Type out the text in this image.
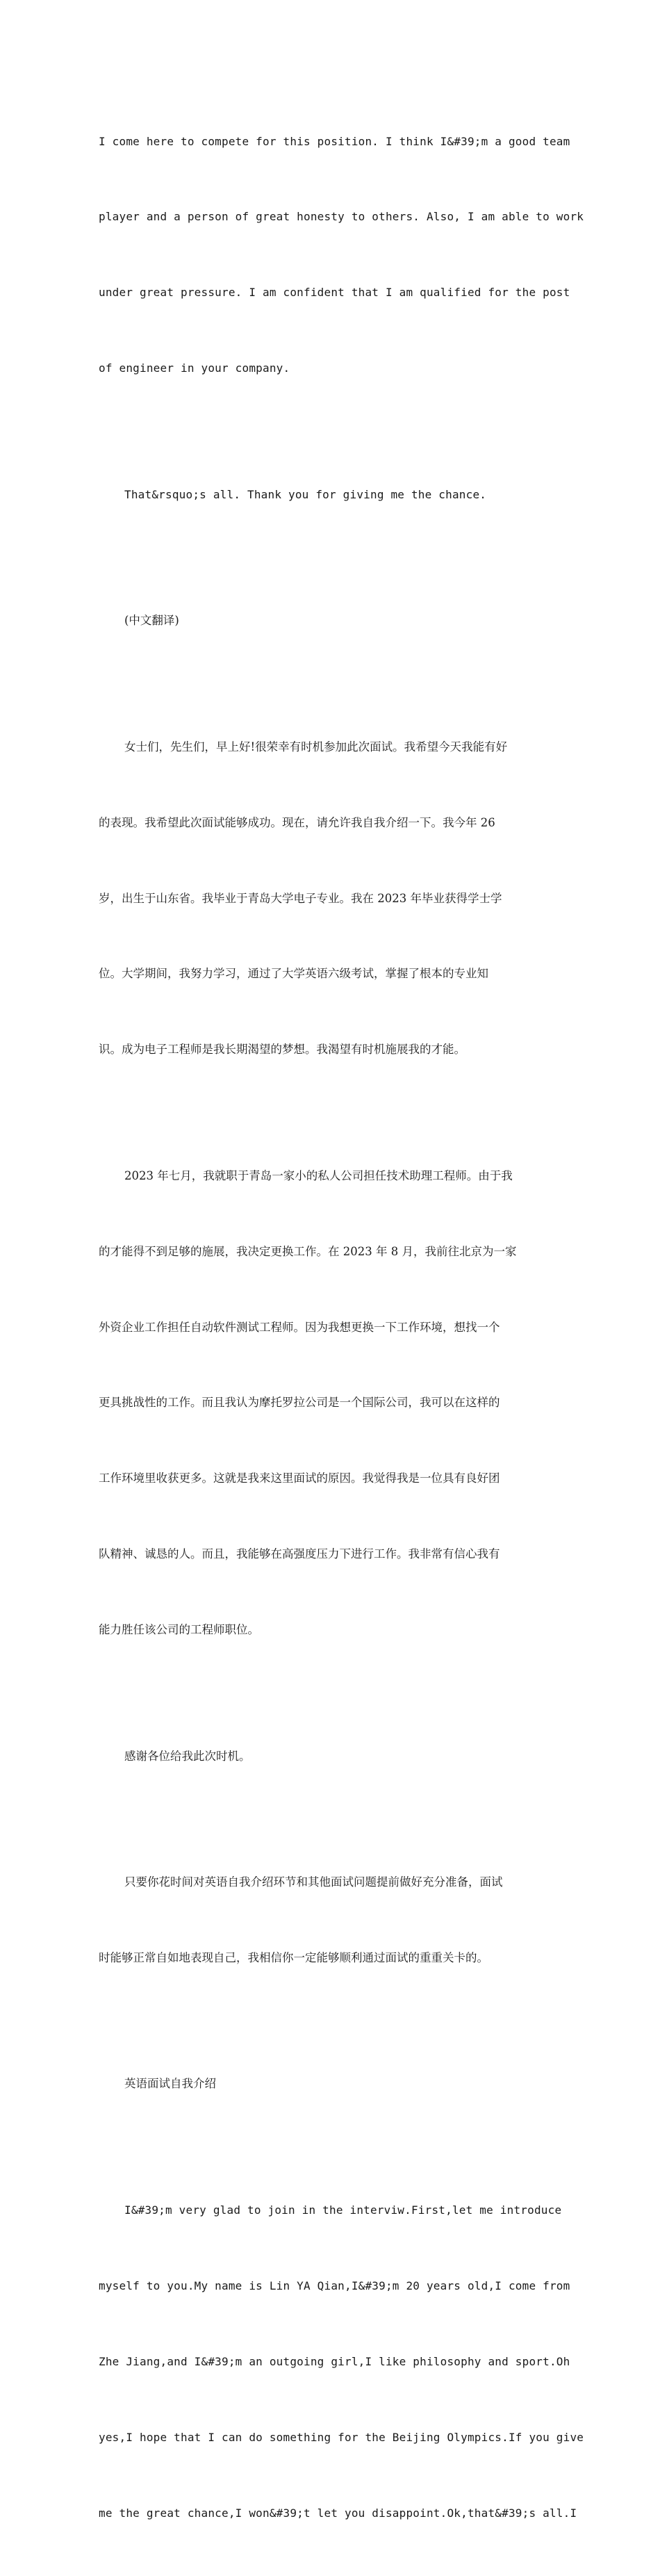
I come here to compete for this position. I think I&#39;m a good team

player and a person of great honesty to others. Also, I am able to work

under great pressure. I am confident that I am qualified for the post

of engineer in your company.

That&rsquo;s all. Thank you for giving me the chance.

(中文翻译)

女士们，先生们，早上好!很荣幸有时机参加此次面试。我希望今天我能有好

的表现。我希望此次面试能够成功。现在，请允许我自我介绍一下。我今年 26

岁，出生于山东省。我毕业于青岛大学电子专业。我在 2023 年毕业获得学士学

位。大学期间，我努力学习，通过了大学英语六级考试，掌握了根本的专业知

识。成为电子工程师是我长期渴望的梦想。我渴望有时机施展我的才能。

2023 年七月，我就职于青岛一家小的私人公司担任技术助理工程师。由于我

的才能得不到足够的施展，我决定更换工作。在 2023 年 8 月，我前往北京为一家

外资企业工作担任自动软件测试工程师。因为我想更换一下工作环境，想找一个

更具挑战性的工作。而且我认为摩托罗拉公司是一个国际公司，我可以在这样的

工作环境里收获更多。这就是我来这里面试的原因。我觉得我是一位具有良好团

队精神、诚恳的人。而且，我能够在高强度压力下进行工作。我非常有信心我有

能力胜任该公司的工程师职位。

感谢各位给我此次时机。

只要你花时间对英语自我介绍环节和其他面试问题提前做好充分准备，面试

时能够正常自如地表现自己，我相信你一定能够顺利通过面试的重重关卡的。

英语面试自我介绍

I&#39;m very glad to join in the interviw.First,let me introduce

myself to you.My name is Lin YA Qian,I&#39;m 20 years old,I come from

Zhe Jiang,and I&#39;m an outgoing girl,I like philosophy and sport.Oh

yes,I hope that I can do something for the Beijing Olympics.If you give

me the great chance,I won&#39;t let you disappoint.Ok,that&#39;s all.I
